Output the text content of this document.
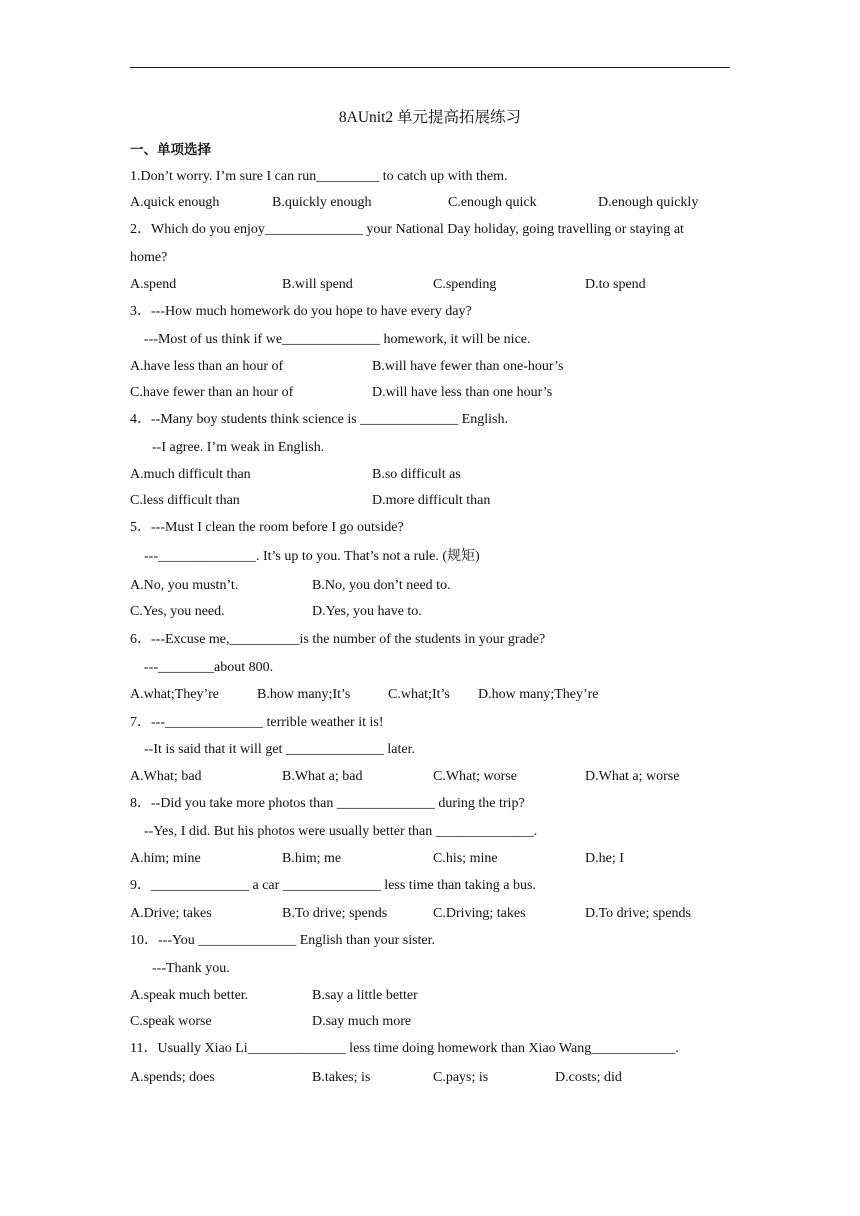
8AUnit2 单元提高拓展练习
一、单项选择
1.Don’t worry. I’m sure I can run_________ to catch up with them.
A.quick enough	B.quickly enough	C.enough quick	D.enough quickly
2．Which do you enjoy______________ your National Day holiday, going travelling or staying at
home?
A.spend	B.will spend	C.spending	D.to spend
3．---How much homework do you hope to have every day?
---Most of us think if we______________ homework, it will be nice.
A.have less than an hour of	B.will have fewer than one-hour’s
C.have fewer than an hour of	D.will have less than one hour’s
4．--Many boy students think science is ______________ English.
--I agree. I’m weak in English.
A.much difficult than	B.so difficult as
C.less difficult than	D.more difficult than
5．---Must I clean the room before I go outside?
---______________. It’s up to you. That’s not a rule. (规矩)
A.No, you mustn’t.	B.No, you don’t need to.
C.Yes, you need.	D.Yes, you have to.
6．---Excuse me,__________is the number of the students in your grade?
---________about 800.
A.what;They’re	B.how many;It’s	C.what;It’s D.how many;They’re
7．---______________ terrible weather it is!
--It is said that it will get ______________ later.
A.What; bad	B.What a; bad	C.What; worse	D.What a; worse
8．--Did you take more photos than ______________ during the trip?
--Yes, I did. But his photos were usually better than ______________.
A.him; mine	B.him; me	C.his; mine	D.he; I
9．______________ a car ______________ less time than taking a bus.
A.Drive; takes	B.To drive; spends	C.Driving; takes	D.To drive; spends
10．---You ______________ English than your sister.
---Thank you.
A.speak much better.	B.say a little better
C.speak worse	D.say much more
11．Usually Xiao Li______________ less time doing homework than Xiao Wang____________.
A.spends; does	B.takes; is	C.pays; is	D.costs; did
